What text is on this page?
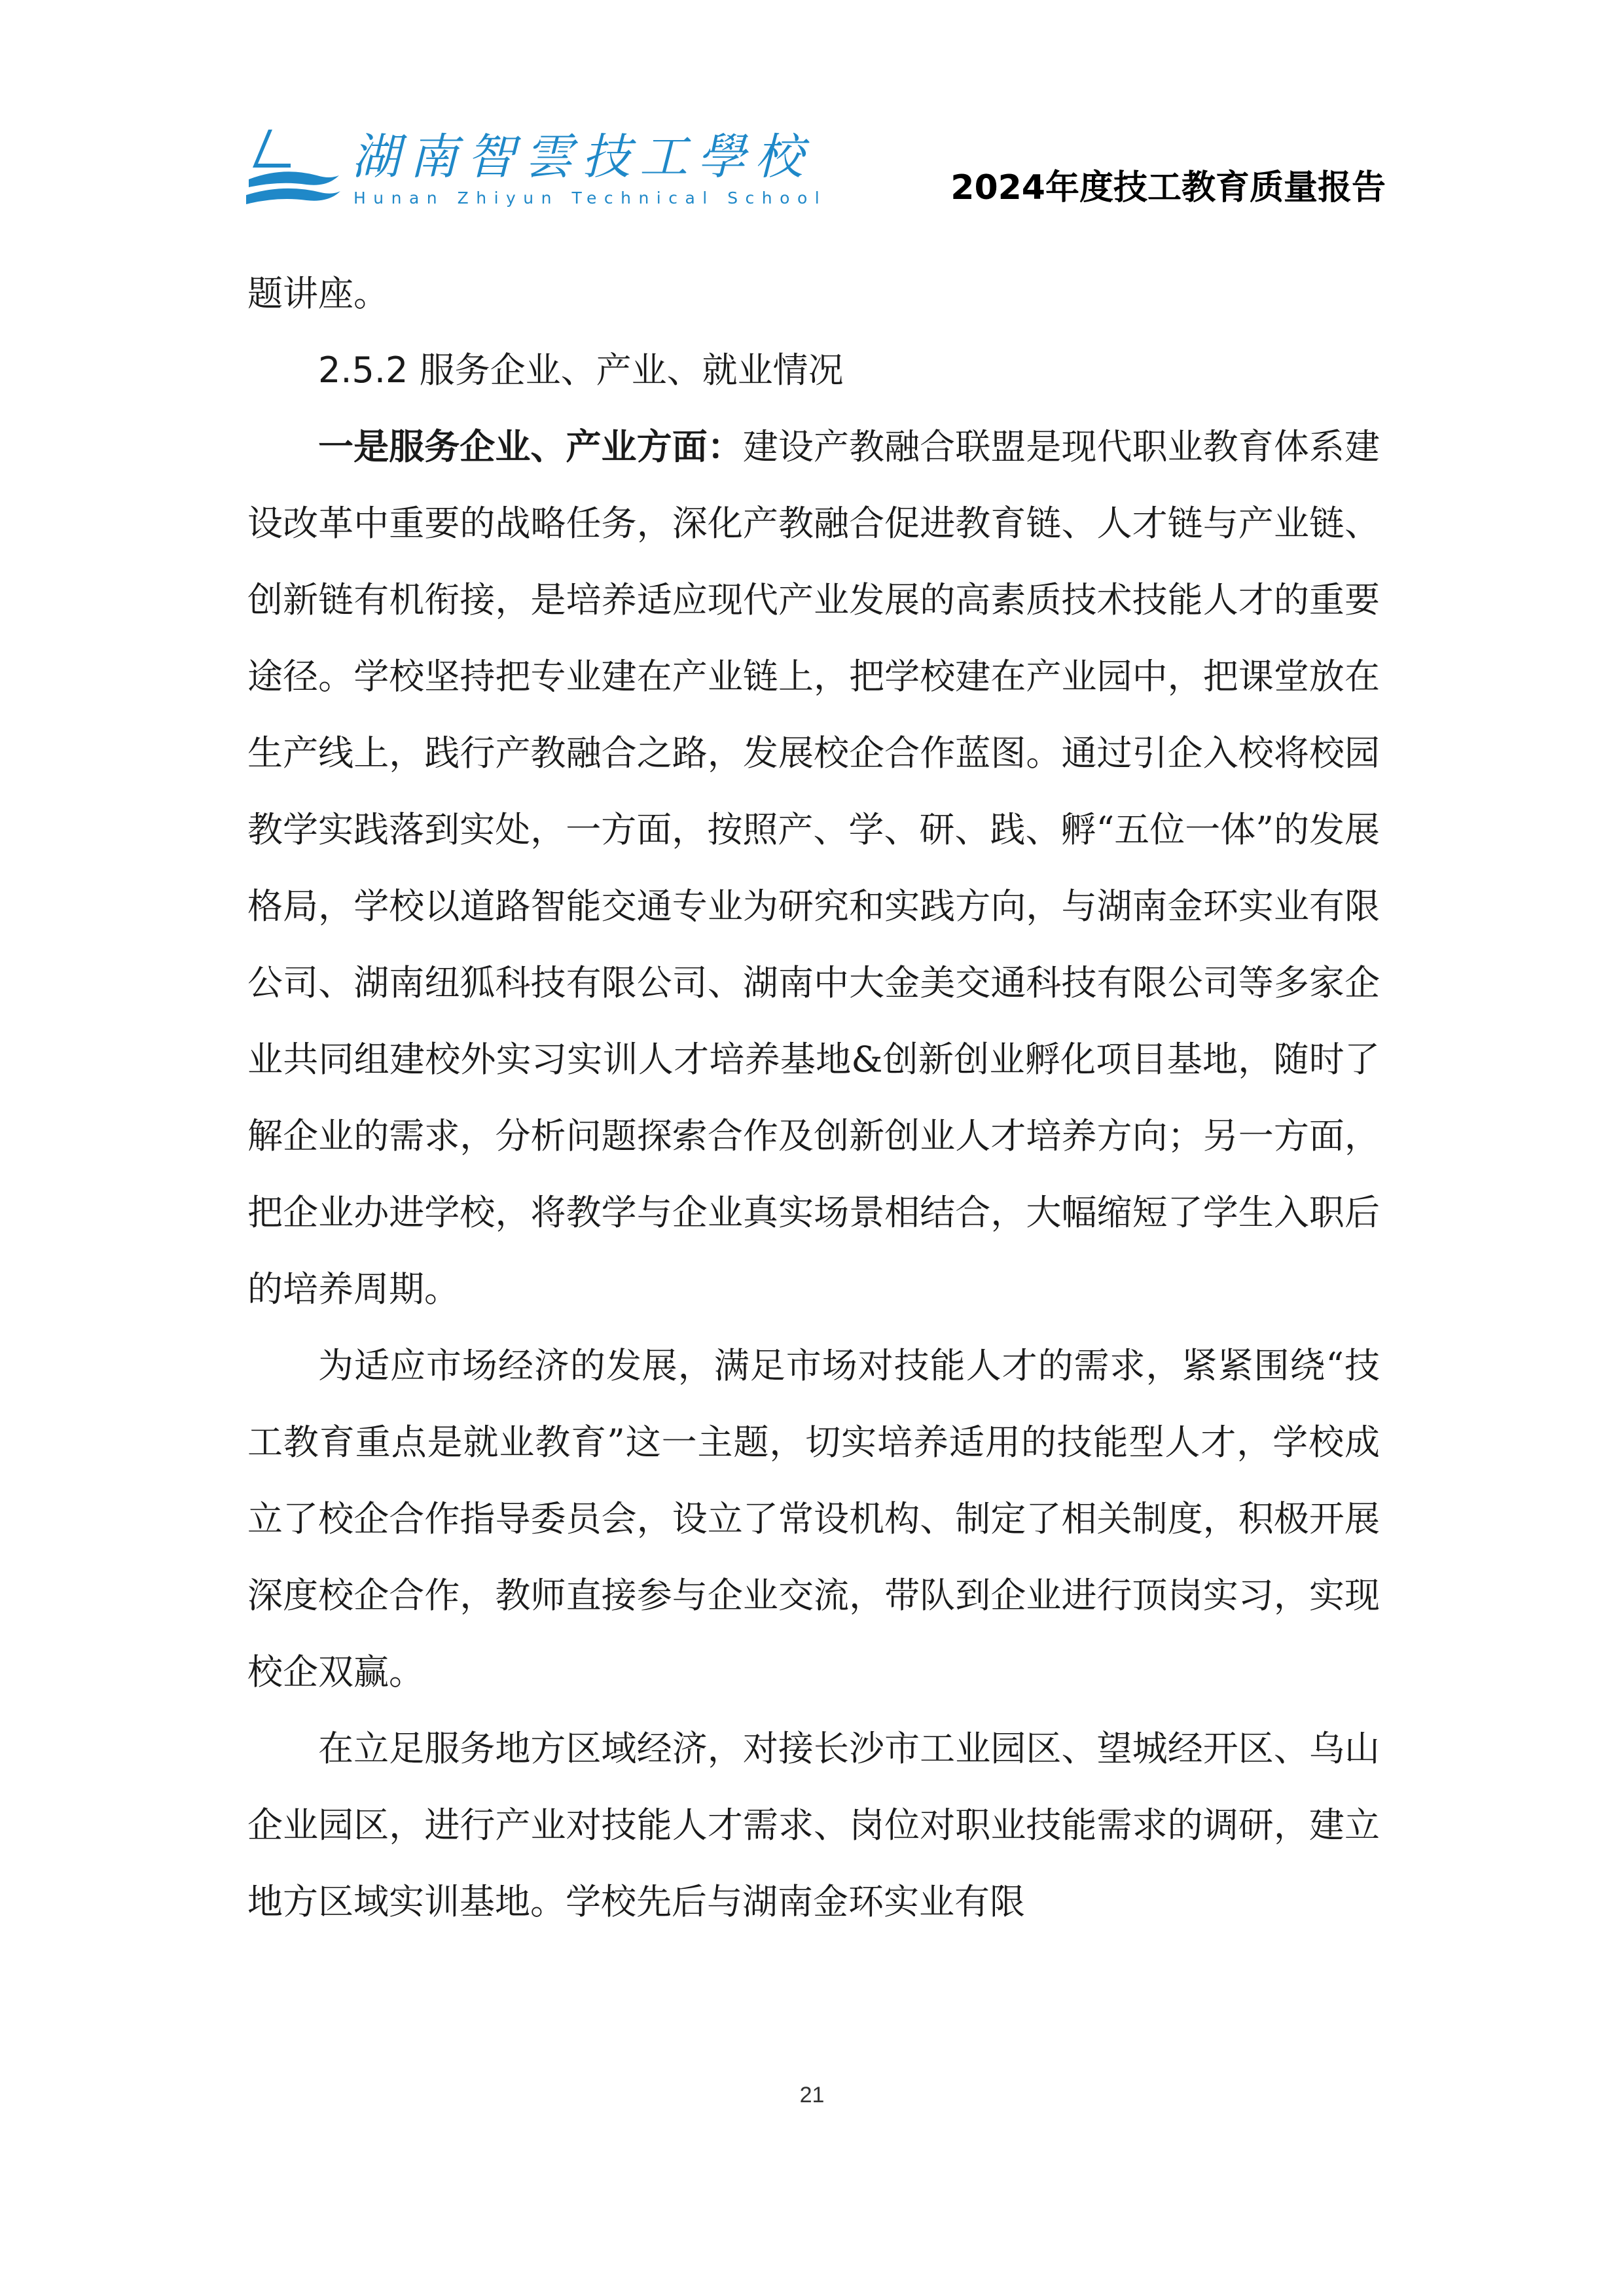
湖南智雲技工學校
Hunan Zhiyun Technical School	2024年度技工教育质量报告

题讲座。

2.5.2 服务企业、产业、就业情况

一是服务企业、产业方面：建设产教融合联盟是现代职业教育体系建设改革中重要的战略任务，深化产教融合促进教育链、人才链与产业链、创新链有机衔接，是培养适应现代产业发展的高素质技术技能人才的重要途径。学校坚持把专业建在产业链上，把学校建在产业园中，把课堂放在生产线上，践行产教融合之路，发展校企合作蓝图。通过引企入校将校园教学实践落到实处，一方面，按照产、学、研、践、孵“五位一体”的发展格局，学校以道路智能交通专业为研究和实践方向，与湖南金环实业有限公司、湖南纽狐科技有限公司、湖南中大金美交通科技有限公司等多家企业共同组建校外实习实训人才培养基地&创新创业孵化项目基地，随时了解企业的需求，分析问题探索合作及创新创业人才培养方向；另一方面，把企业办进学校，将教学与企业真实场景相结合，大幅缩短了学生入职后的培养周期。

为适应市场经济的发展，满足市场对技能人才的需求，紧紧围绕“技工教育重点是就业教育”这一主题，切实培养适用的技能型人才，学校成立了校企合作指导委员会，设立了常设机构、制定了相关制度，积极开展深度校企合作，教师直接参与企业交流，带队到企业进行顶岗实习，实现校企双赢。

在立足服务地方区域经济，对接长沙市工业园区、望城经开区、乌山企业园区，进行产业对技能人才需求、岗位对职业技能需求的调研，建立地方区域实训基地。学校先后与湖南金环实业有限

21
